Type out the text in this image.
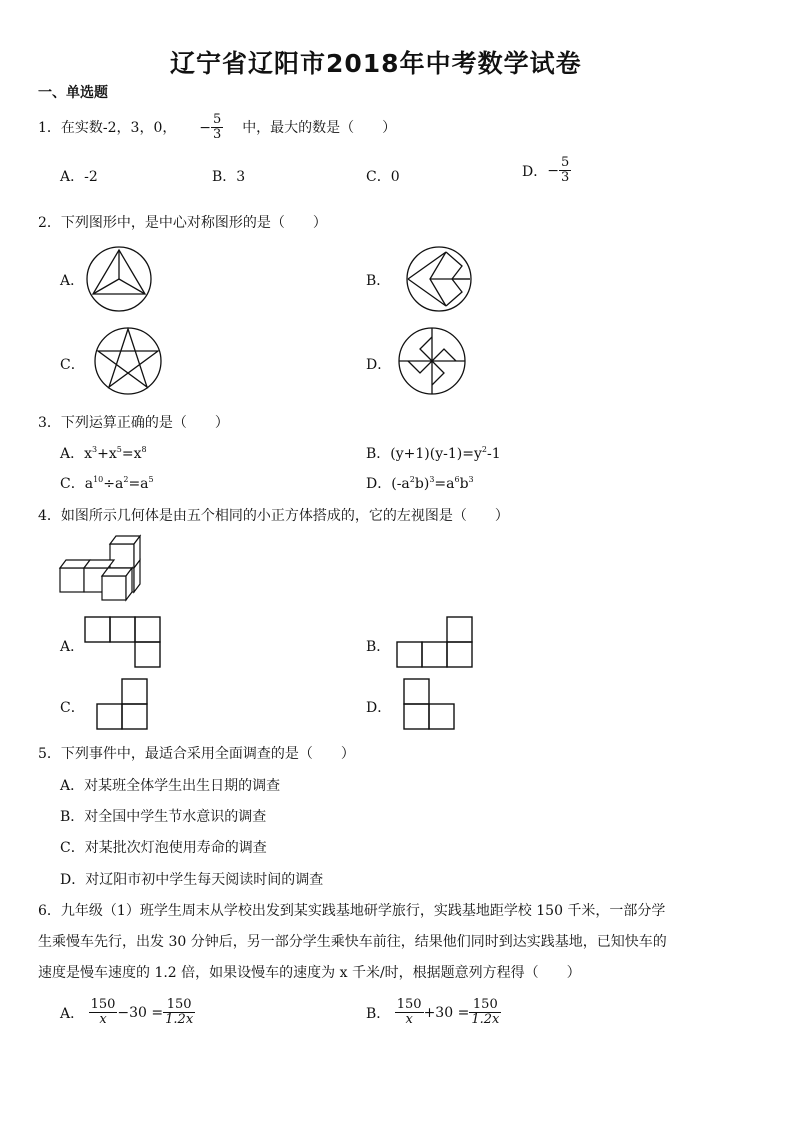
辽宁省辽阳市2018年中考数学试卷
一、单选题
1．在实数-2，3，0， − $\frac{5}{3}$ 中，最大的数是（　　）
A．-2	B．3	C．0	D．− $\frac{5}{3}$
2．下列图形中，是中心对称图形的是（　　）
A．	B．
C．	D．
3．下列运算正确的是（　　）
A．$x^3+x^5=x^8$	B．$(y+1)(y-1)=y^2-1$
C．$a^{10}\div a^2=a^5$	D．$(-a^2b)^3=a^6b^3$
4．如图所示几何体是由五个相同的小正方体搭成的，它的左视图是（　　）
A．	B．
C．	D．
5．下列事件中，最适合采用全面调查的是（　　）
A．对某班全体学生出生日期的调查
B．对全国中学生节水意识的调查
C．对某批次灯泡使用寿命的调查
D．对辽阳市初中学生每天阅读时间的调查
6．九年级（1）班学生周末从学校出发到某实践基地研学旅行，实践基地距学校 150 千米，一部分学
生乘慢车先行，出发 30 分钟后，另一部分学生乘快车前往，结果他们同时到达实践基地，已知快车的
速度是慢车速度的 1.2 倍，如果设慢车的速度为 x 千米/时，根据题意列方程得（　　）
A． $\frac{150}{x} -30 = \frac{150}{1.2x}$	B． $\frac{150}{x} +30 = \frac{150}{1.2x}$
